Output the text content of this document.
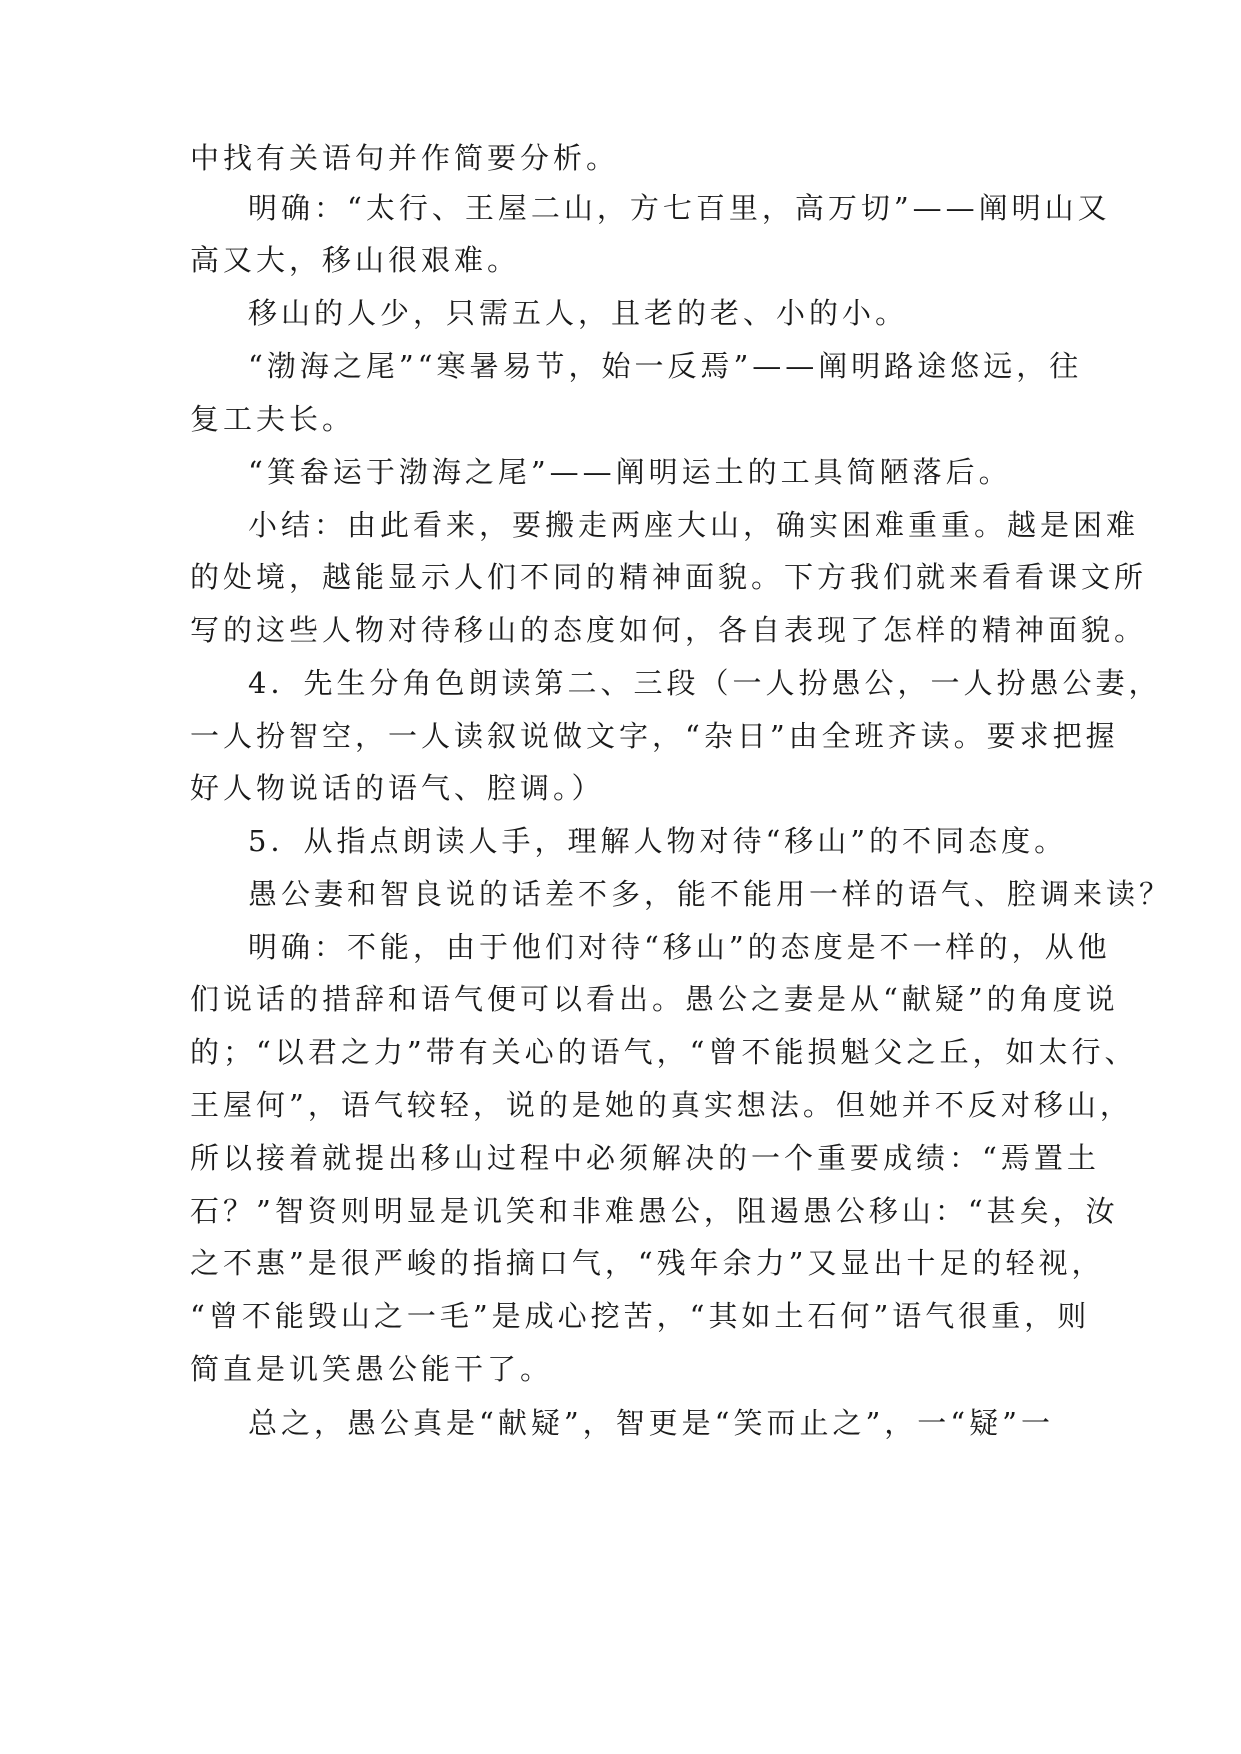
中找有关语句并作简要分析。
明确：“太行、王屋二山，方七百里，高万切”——阐明山又
高又大，移山很艰难。
移山的人少，只需五人，且老的老、小的小。
“渤海之尾”“寒暑易节，始一反焉”——阐明路途悠远，往
复工夫长。
“箕畚运于渤海之尾”——阐明运土的工具简陋落后。
小结：由此看来，要搬走两座大山，确实困难重重。越是困难
的处境，越能显示人们不同的精神面貌。下方我们就来看看课文所
写的这些人物对待移山的态度如何，各自表现了怎样的精神面貌。
4．先生分角色朗读第二、三段（一人扮愚公，一人扮愚公妻，
一人扮智空，一人读叙说做文字，“杂日”由全班齐读。要求把握
好人物说话的语气、腔调。）
5．从指点朗读人手，理解人物对待“移山”的不同态度。
愚公妻和智良说的话差不多，能不能用一样的语气、腔调来读？
明确：不能，由于他们对待“移山”的态度是不一样的，从他
们说话的措辞和语气便可以看出。愚公之妻是从“献疑”的角度说
的；“以君之力”带有关心的语气，“曾不能损魁父之丘，如太行、
王屋何”，语气较轻，说的是她的真实想法。但她并不反对移山，
所以接着就提出移山过程中必须解决的一个重要成绩：“焉置土
石？”智资则明显是讥笑和非难愚公，阻遏愚公移山：“甚矣，汝
之不惠”是很严峻的指摘口气，“残年余力”又显出十足的轻视，
“曾不能毁山之一毛”是成心挖苦，“其如土石何”语气很重，则
简直是讥笑愚公能干了。
总之，愚公真是“献疑”，智更是“笑而止之”，一“疑”一
